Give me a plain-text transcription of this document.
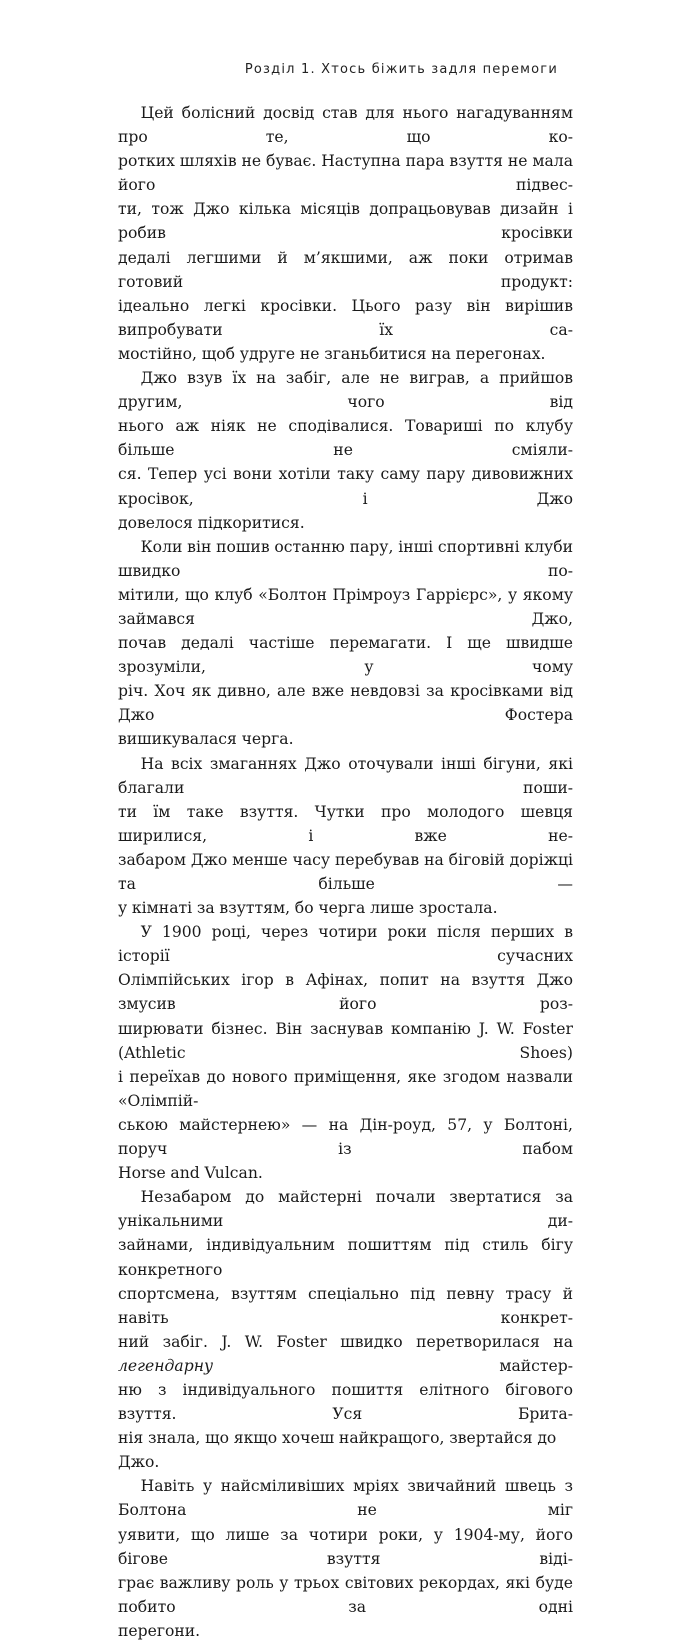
Розділ 1. Хтось біжить задля перемоги

Цей болісний досвід став для нього нагадуванням про те, що ко-
ротких шляхів не буває. Наступна пара взуття не мала його підвес-
ти, тож Джо кілька місяців допрацьовував дизайн і робив кросівки
дедалі легшими й м’якшими, аж поки отримав готовий продукт:
ідеально легкі кросівки. Цього разу він вирішив випробувати їх са-
мостійно, щоб удруге не зганьбитися на перегонах.

Джо взув їх на забіг, але не виграв, а прийшов другим, чого від
нього аж ніяк не сподівалися. Товариші по клубу більше не сміяли-
ся. Тепер усі вони хотіли таку саму пару дивовижних кросівок, і Джо
довелося підкоритися.

Коли він пошив останню пару, інші спортивні клуби швидко по-
мітили, що клуб «Болтон Прімроуз Гаррієрс», у якому займався Джо,
почав дедалі частіше перемагати. І ще швидше зрозуміли, у чому
річ. Хоч як дивно, але вже невдовзі за кросівками від Джо Фостера
вишикувалася черга.

На всіх змаганнях Джо оточували інші бігуни, які благали поши-
ти їм таке взуття. Чутки про молодого шевця ширилися, і вже не-
забаром Джо менше часу перебував на біговій доріжці та більше —
у кімнаті за взуттям, бо черга лише зростала.

У 1900 році, через чотири роки після перших в історії сучасних
Олімпійських ігор в Афінах, попит на взуття Джо змусив його роз-
ширювати бізнес. Він заснував компанію J. W. Foster (Athletic Shoes)
і переїхав до нового приміщення, яке згодом назвали «Олімпій-
ською майстернею» — на Дін-роуд, 57, у Болтоні, поруч із пабом
Horse and Vulcan.

Незабаром до майстерні почали звертатися за унікальними ди-
зайнами, індивідуальним пошиттям під стиль бігу конкретного
спортсмена, взуттям спеціально під певну трасу й навіть конкрет-
ний забіг. J. W. Foster швидко перетворилася на легендарну майстер-
ню з індивідуального пошиття елітного бігового взуття. Уся Брита-
нія знала, що якщо хочеш найкращого, звертайся до Джо.

Навіть у найсміливіших мріях звичайний швець з Болтона не міг
уявити, що лише за чотири роки, у 1904-му, його бігове взуття віді-
грає важливу роль у трьох світових рекордах, які буде побито за одні
перегони.
